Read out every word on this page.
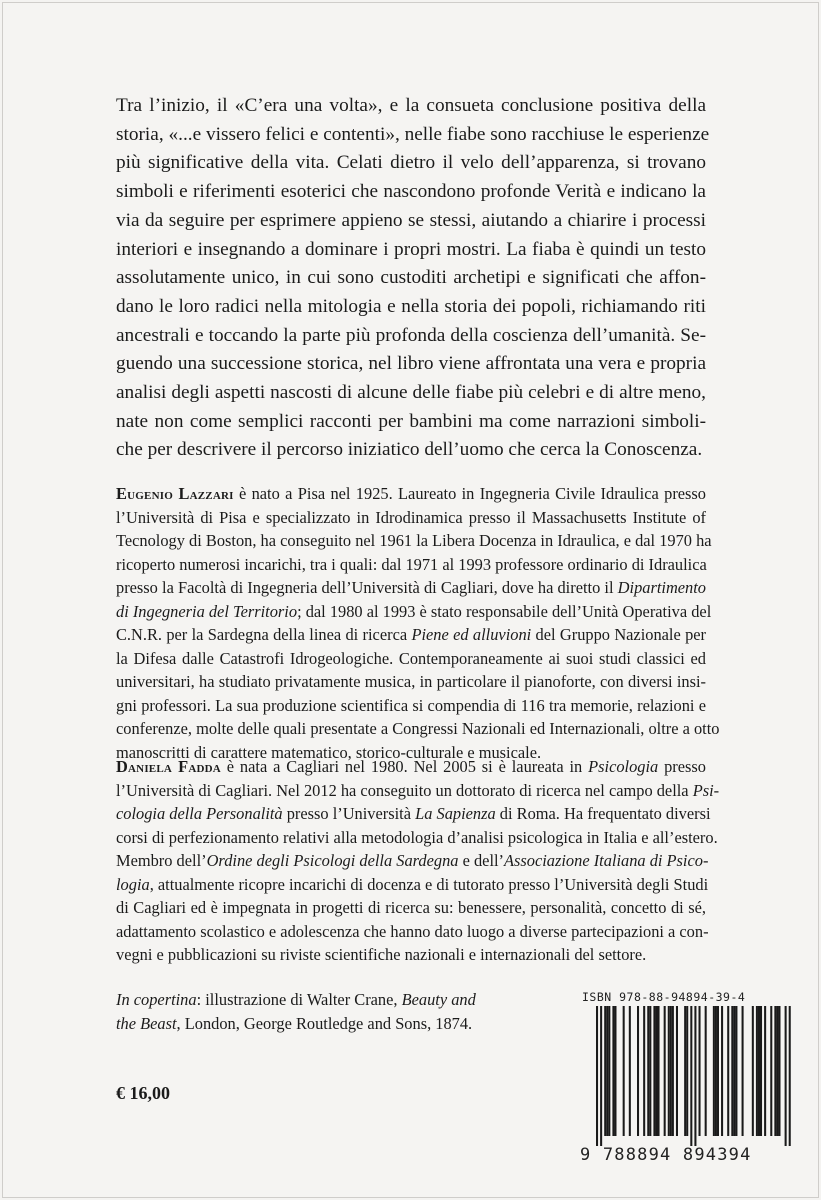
Tra l’inizio, il «C’era una volta», e la consueta conclusione positiva della
storia, «...e vissero felici e contenti», nelle fiabe sono racchiuse le esperienze
più significative della vita. Celati dietro il velo dell’apparenza, si trovano
simboli e riferimenti esoterici che nascondono profonde Verità e indicano la
via da seguire per esprimere appieno se stessi, aiutando a chiarire i processi
interiori e insegnando a dominare i propri mostri. La fiaba è quindi un testo
assolutamente unico, in cui sono custoditi archetipi e significati che affon-
dano le loro radici nella mitologia e nella storia dei popoli, richiamando riti
ancestrali e toccando la parte più profonda della coscienza dell’umanità. Se-
guendo una successione storica, nel libro viene affrontata una vera e propria
analisi degli aspetti nascosti di alcune delle fiabe più celebri e di altre meno,
nate non come semplici racconti per bambini ma come narrazioni simboli-
che per descrivere il percorso iniziatico dell’uomo che cerca la Conoscenza.
Eugenio Lazzari è nato a Pisa nel 1925. Laureato in Ingegneria Civile Idraulica presso
l’Università di Pisa e specializzato in Idrodinamica presso il Massachusetts Institute of
Tecnology di Boston, ha conseguito nel 1961 la Libera Docenza in Idraulica, e dal 1970 ha
ricoperto numerosi incarichi, tra i quali: dal 1971 al 1993 professore ordinario di Idraulica
presso la Facoltà di Ingegneria dell’Università di Cagliari, dove ha diretto il Dipartimento
di Ingegneria del Territorio; dal 1980 al 1993 è stato responsabile dell’Unità Operativa del
C.N.R. per la Sardegna della linea di ricerca Piene ed alluvioni del Gruppo Nazionale per
la Difesa dalle Catastrofi Idrogeologiche. Contemporaneamente ai suoi studi classici ed
universitari, ha studiato privatamente musica, in particolare il pianoforte, con diversi insi-
gni professori. La sua produzione scientifica si compendia di 116 tra memorie, relazioni e
conferenze, molte delle quali presentate a Congressi Nazionali ed Internazionali, oltre a otto
manoscritti di carattere matematico, storico-culturale e musicale.
Daniela Fadda è nata a Cagliari nel 1980. Nel 2005 si è laureata in Psicologia presso
l’Università di Cagliari. Nel 2012 ha conseguito un dottorato di ricerca nel campo della Psi-
cologia della Personalità presso l’Università La Sapienza di Roma. Ha frequentato diversi
corsi di perfezionamento relativi alla metodologia d’analisi psicologica in Italia e all’estero.
Membro dell’Ordine degli Psicologi della Sardegna e dell’Associazione Italiana di Psico-
logia, attualmente ricopre incarichi di docenza e di tutorato presso l’Università degli Studi
di Cagliari ed è impegnata in progetti di ricerca su: benessere, personalità, concetto di sé,
adattamento scolastico e adolescenza che hanno dato luogo a diverse partecipazioni a con-
vegni e pubblicazioni su riviste scientifiche nazionali e internazionali del settore.
In copertina: illustrazione di Walter Crane, Beauty and
the Beast, London, George Routledge and Sons, 1874.
€ 16,00
ISBN 978-88-94894-39-4
9 788894 894394
